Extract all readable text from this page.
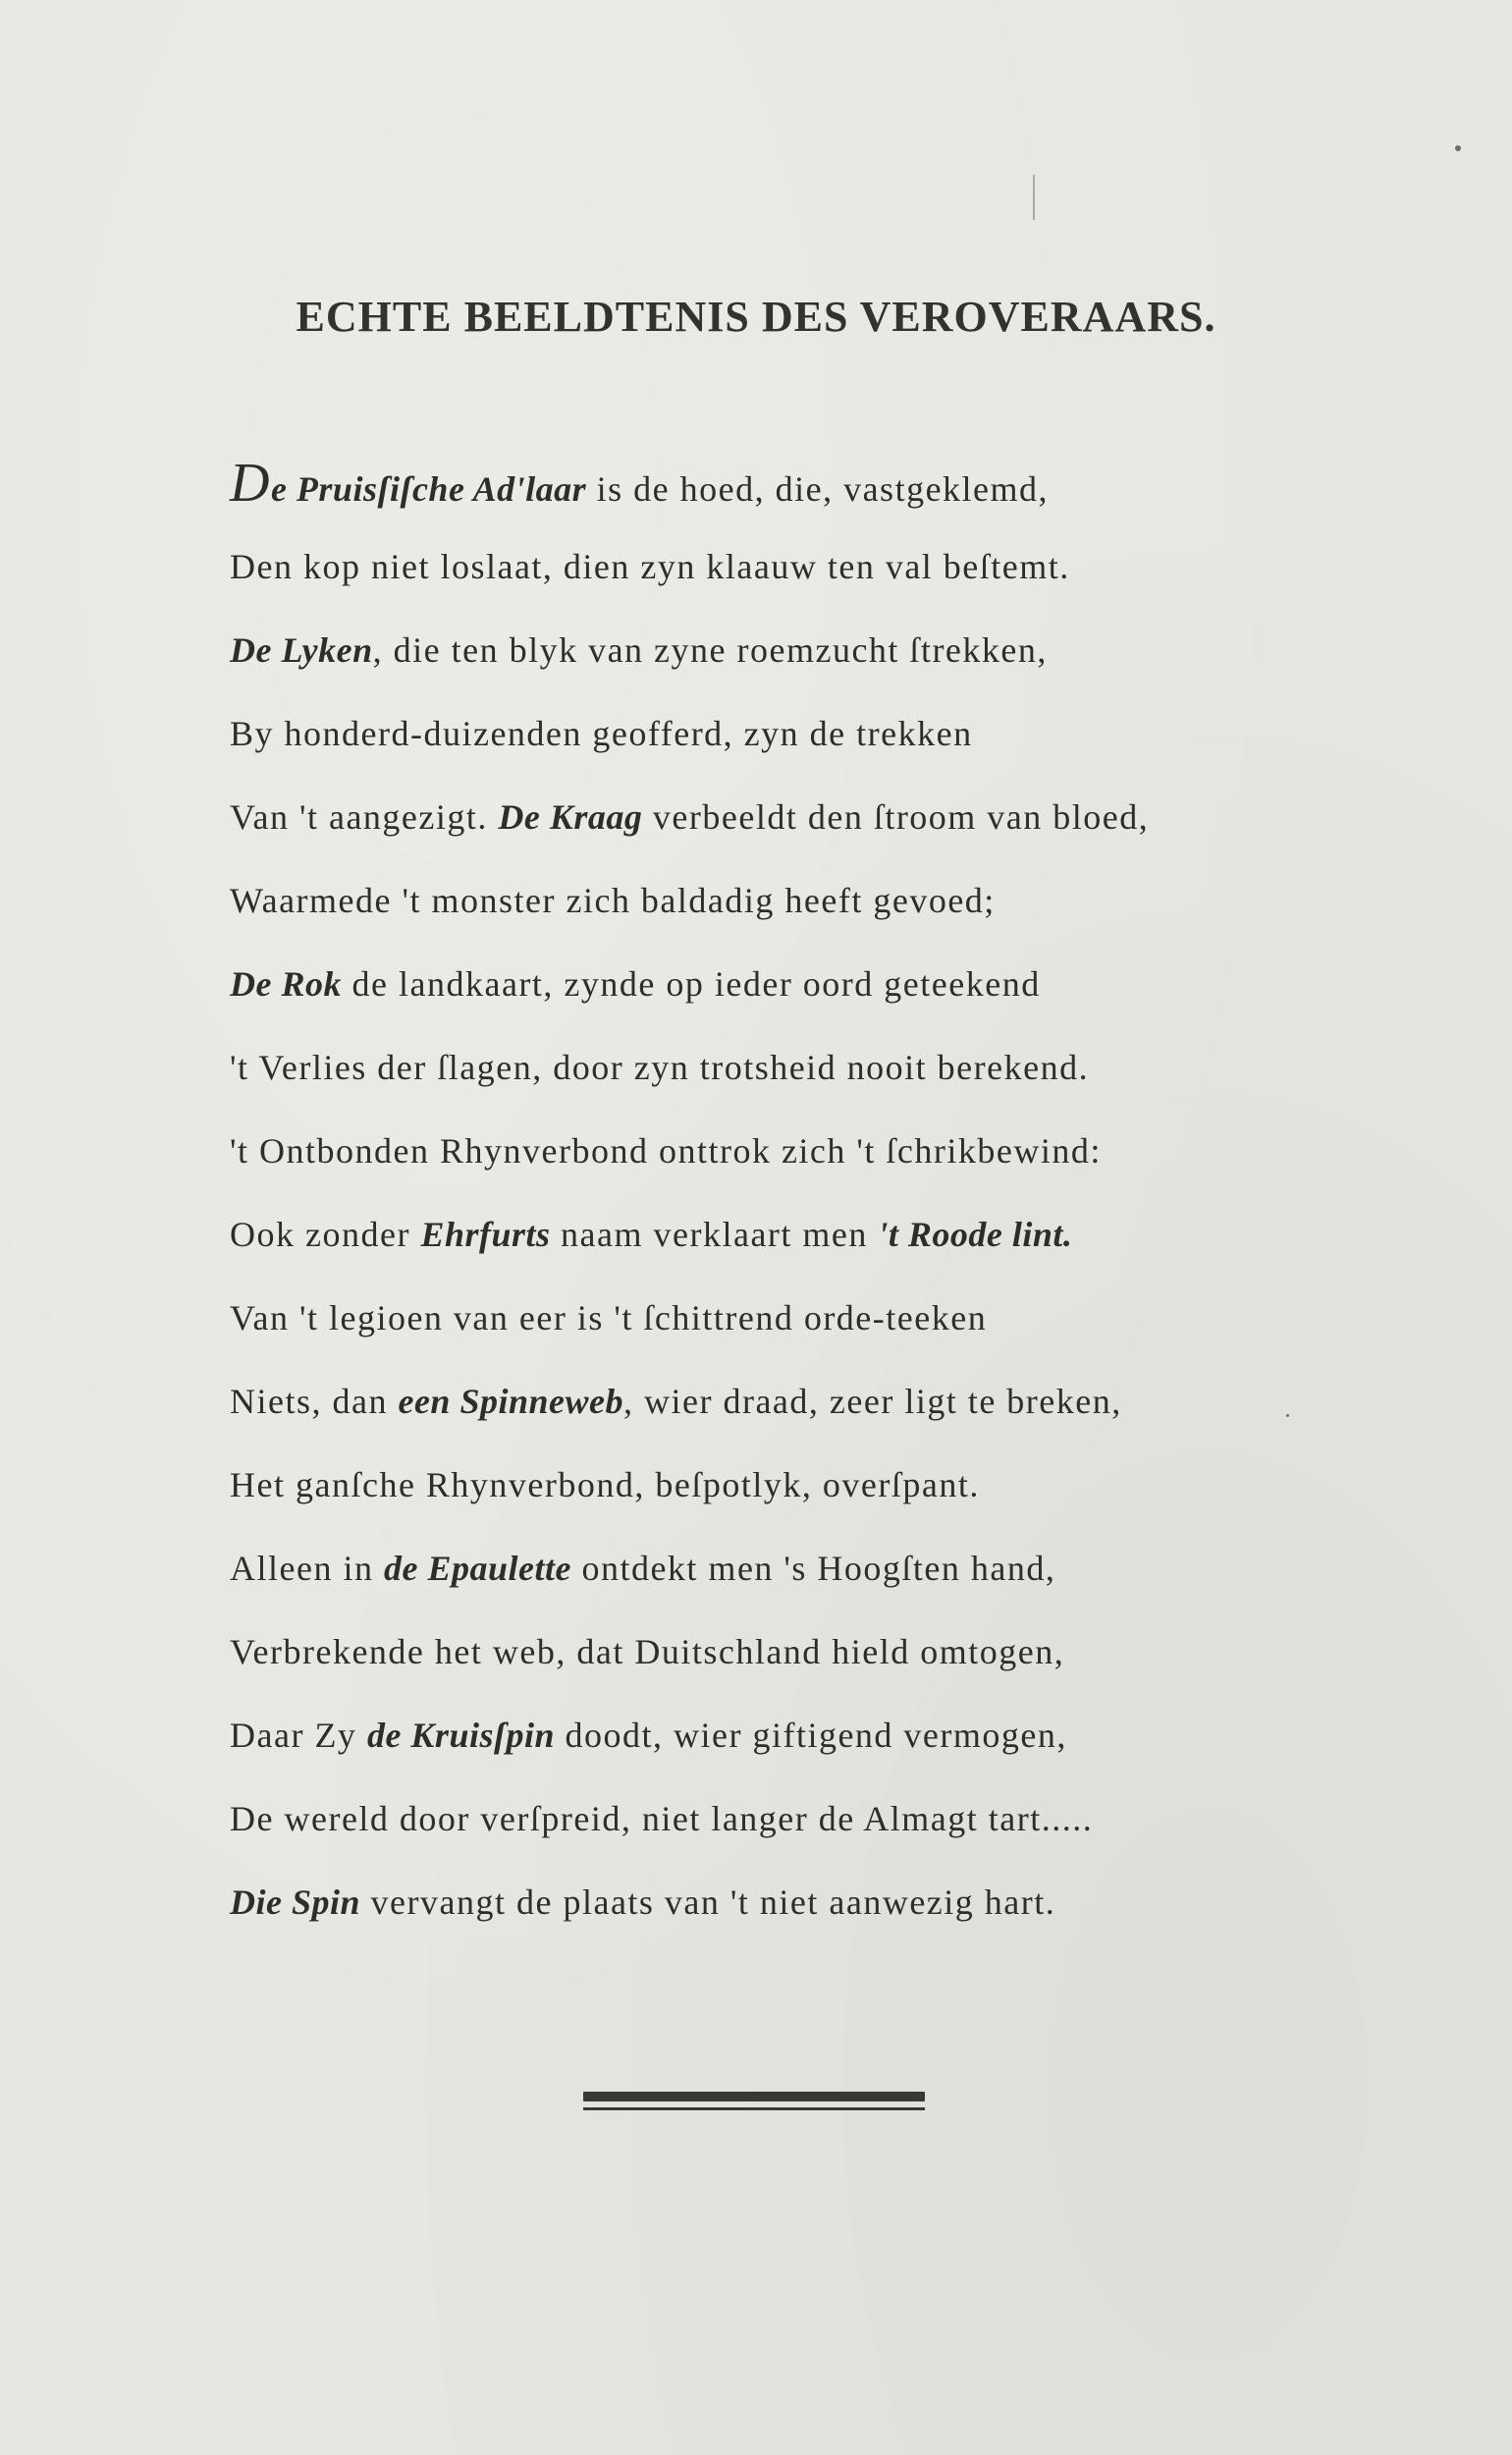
ECHTE BEELDTENIS DES VEROVERAARS.
De Pruisſiſche Ad'laar is de hoed, die, vastgeklemd,
Den kop niet loslaat, dien zyn klaauw ten val beſtemt.
De Lyken, die ten blyk van zyne roemzucht ſtrekken,
By honderd-duizenden geofferd, zyn de trekken
Van 't aangezigt. De Kraag verbeeldt den ſtroom van bloed,
Waarmede 't monster zich baldadig heeft gevoed;
De Rok de landkaart, zynde op ieder oord geteekend
't Verlies der ſlagen, door zyn trotsheid nooit berekend.
't Ontbonden Rhynverbond onttrok zich 't ſchrikbewind:
Ook zonder Ehrfurts naam verklaart men 't Roode lint.
Van 't legioen van eer is 't ſchittrend orde-teeken
Niets, dan een Spinneweb, wier draad, zeer ligt te breken,
Het ganſche Rhynverbond, beſpotlyk, overſpant.
Alleen in de Epaulette ontdekt men 's Hoogſten hand,
Verbrekende het web, dat Duitschland hield omtogen,
Daar Zy de Kruisſpin doodt, wier giftigend vermogen,
De wereld door verſpreid, niet langer de Almagt tart.....
Die Spin vervangt de plaats van 't niet aanwezig hart.
